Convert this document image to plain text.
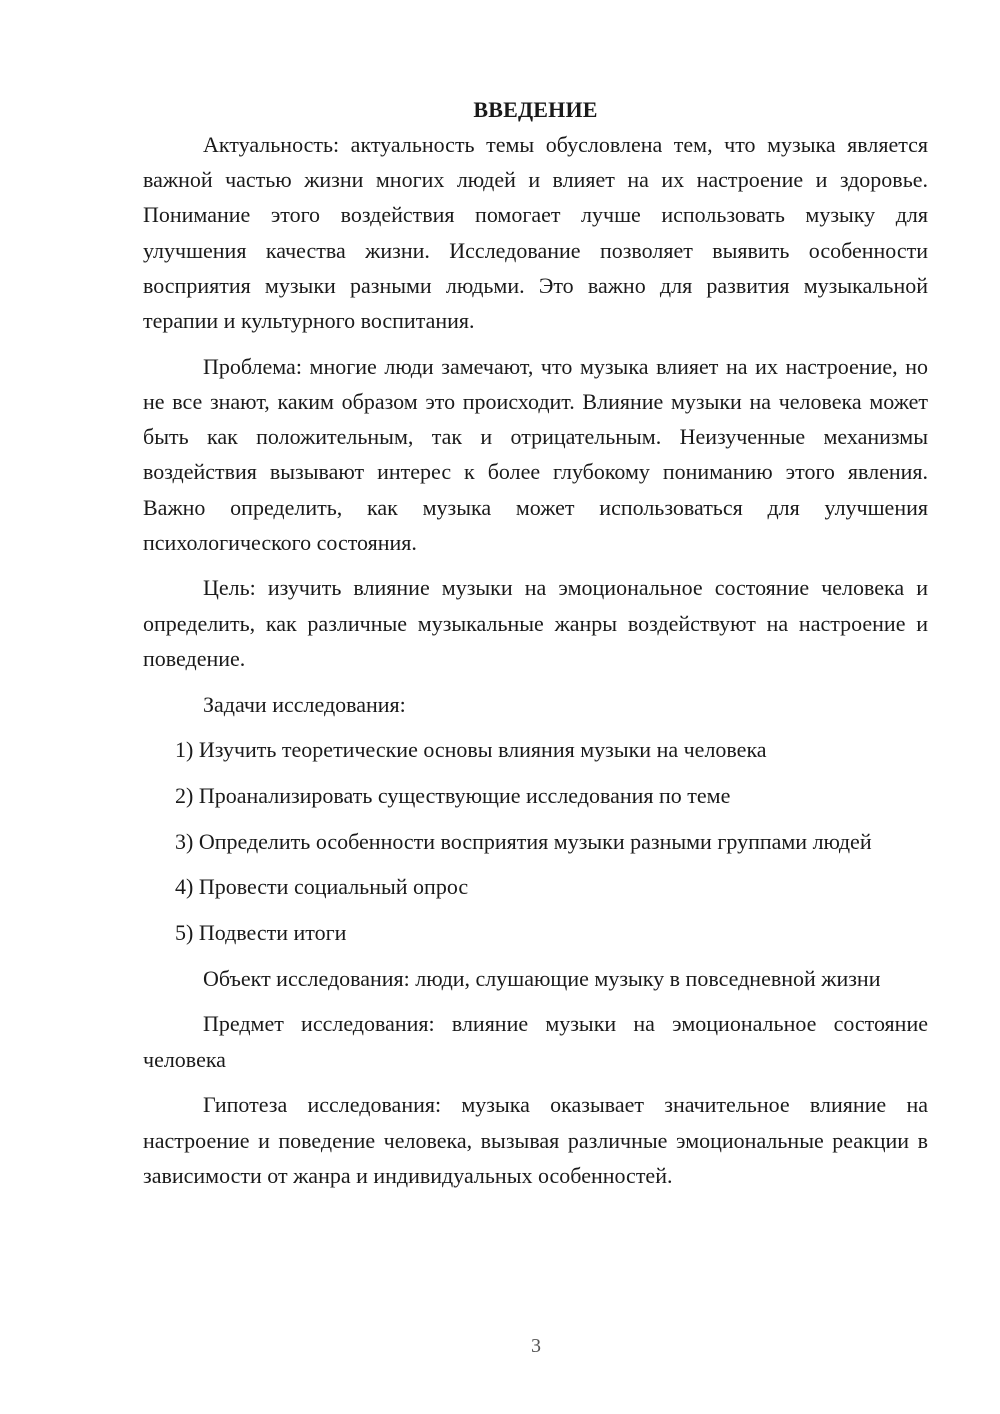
ВВЕДЕНИЕ

Актуальность: актуальность темы обусловлена тем, что музыка является важной частью жизни многих людей и влияет на их настроение и здоровье. Понимание этого воздействия помогает лучше использовать музыку для улучшения качества жизни. Исследование позволяет выявить особенности восприятия музыки разными людьми. Это важно для развития музыкальной терапии и культурного воспитания.

Проблема: многие люди замечают, что музыка влияет на их настроение, но не все знают, каким образом это происходит. Влияние музыки на человека может быть как положительным, так и отрицательным. Неизученные механизмы воздействия вызывают интерес к более глубокому пониманию этого явления. Важно определить, как музыка может использоваться для улучшения психологического состояния.

Цель: изучить влияние музыки на эмоциональное состояние человека и определить, как различные музыкальные жанры воздействуют на настроение и поведение.

Задачи исследования:

1) Изучить теоретические основы влияния музыки на человека

2) Проанализировать существующие исследования по теме

3) Определить особенности восприятия музыки разными группами людей

4) Провести социальный опрос

5) Подвести итоги

Объект исследования: люди, слушающие музыку в повседневной жизни

Предмет исследования: влияние музыки на эмоциональное состояние человека

Гипотеза исследования: музыка оказывает значительное влияние на настроение и поведение человека, вызывая различные эмоциональные реакции в зависимости от жанра и индивидуальных особенностей.

3
